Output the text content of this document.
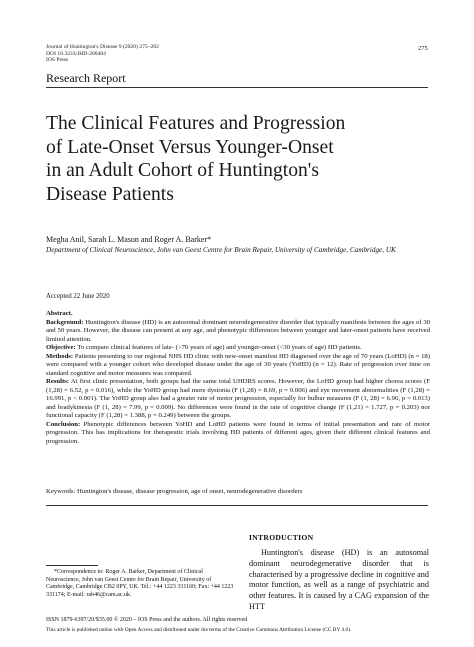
Journal of Huntington's Disease 9 (2020) 275–282
DOI 10.3233/JHD-200404
IOS Press
275
Research Report
The Clinical Features and Progression
of Late-Onset Versus Younger-Onset
in an Adult Cohort of Huntington's
Disease Patients
Megha Anil, Sarah L. Mason and Roger A. Barker*
Department of Clinical Neuroscience, John van Geest Centre for Brain Repair, University of Cambridge, Cambridge, UK
Accepted 22 June 2020

Abstract.

Background: Huntington's disease (HD) is an autosomal dominant neurodegenerative disorder that typically manifests between the ages of 30 and 50 years. However, the disease can present at any age, and phenotypic differences between younger and later-onset patients have received limited attention.

Objective: To compare clinical features of late- (>70 years of age) and younger-onset (<30 years of age) HD patients.

Methods: Patients presenting to our regional NHS HD clinic with new-onset manifest HD diagnosed over the age of 70 years (LoHD) (n = 18) were compared with a younger cohort who developed disease under the age of 30 years (YoHD) (n = 12). Rate of progression over time on standard cognitive and motor measures was compared.

Results: At first clinic presentation, both groups had the same total UHDRS scores. However, the LoHD group had higher chorea scores (F (1,28) = 6.52, p = 0.016), while the YoHD group had more dystonia (F (1,28) = 8.69, p = 0.006) and eye movement abnormalities (F (1,28) = 16.991, p < 0.001). The YoHD group also had a greater rate of motor progression, especially for bulbar measures (F (1, 28) = 6.96, p = 0.013) and bradykinesia (F (1, 28) = 7.99, p = 0.009). No differences were found in the rate of cognitive change (F (1,21) = 1.727, p = 0.203) nor functional capacity (F (1,28) = 1.388, p = 0.249) between the groups.

Conclusion: Phenotypic differences between YoHD and LoHD patients were found in terms of initial presentation and rate of motor progression. This has implications for therapeutic trials involving HD patients of different ages, given their different clinical features and progression.

Keywords: Huntington's disease, disease progression, age of onset, neurodegenerative disorders
INTRODUCTION
Huntington's disease (HD) is an autosomal dominant neurodegenerative disorder that is characterised by a progressive decline in cognitive and motor function, as well as a range of psychiatric and other features. It is caused by a CAG expansion of the HTT
*Correspondence to: Roger A. Barker, Department of Clinical Neuroscience, John van Geest Centre for Brain Repair, University of Cambridge, Cambridge CB2 0PY, UK. Tel.: +44 1223 331160; Fax: +44 1223 331174; E-mail: rab46@cam.ac.uk.
ISSN 1879-6397/20/$35.00 © 2020 – IOS Press and the authors. All rights reserved
This article is published online with Open Access and distributed under the terms of the Creative Commons Attribution License (CC BY 4.0).
